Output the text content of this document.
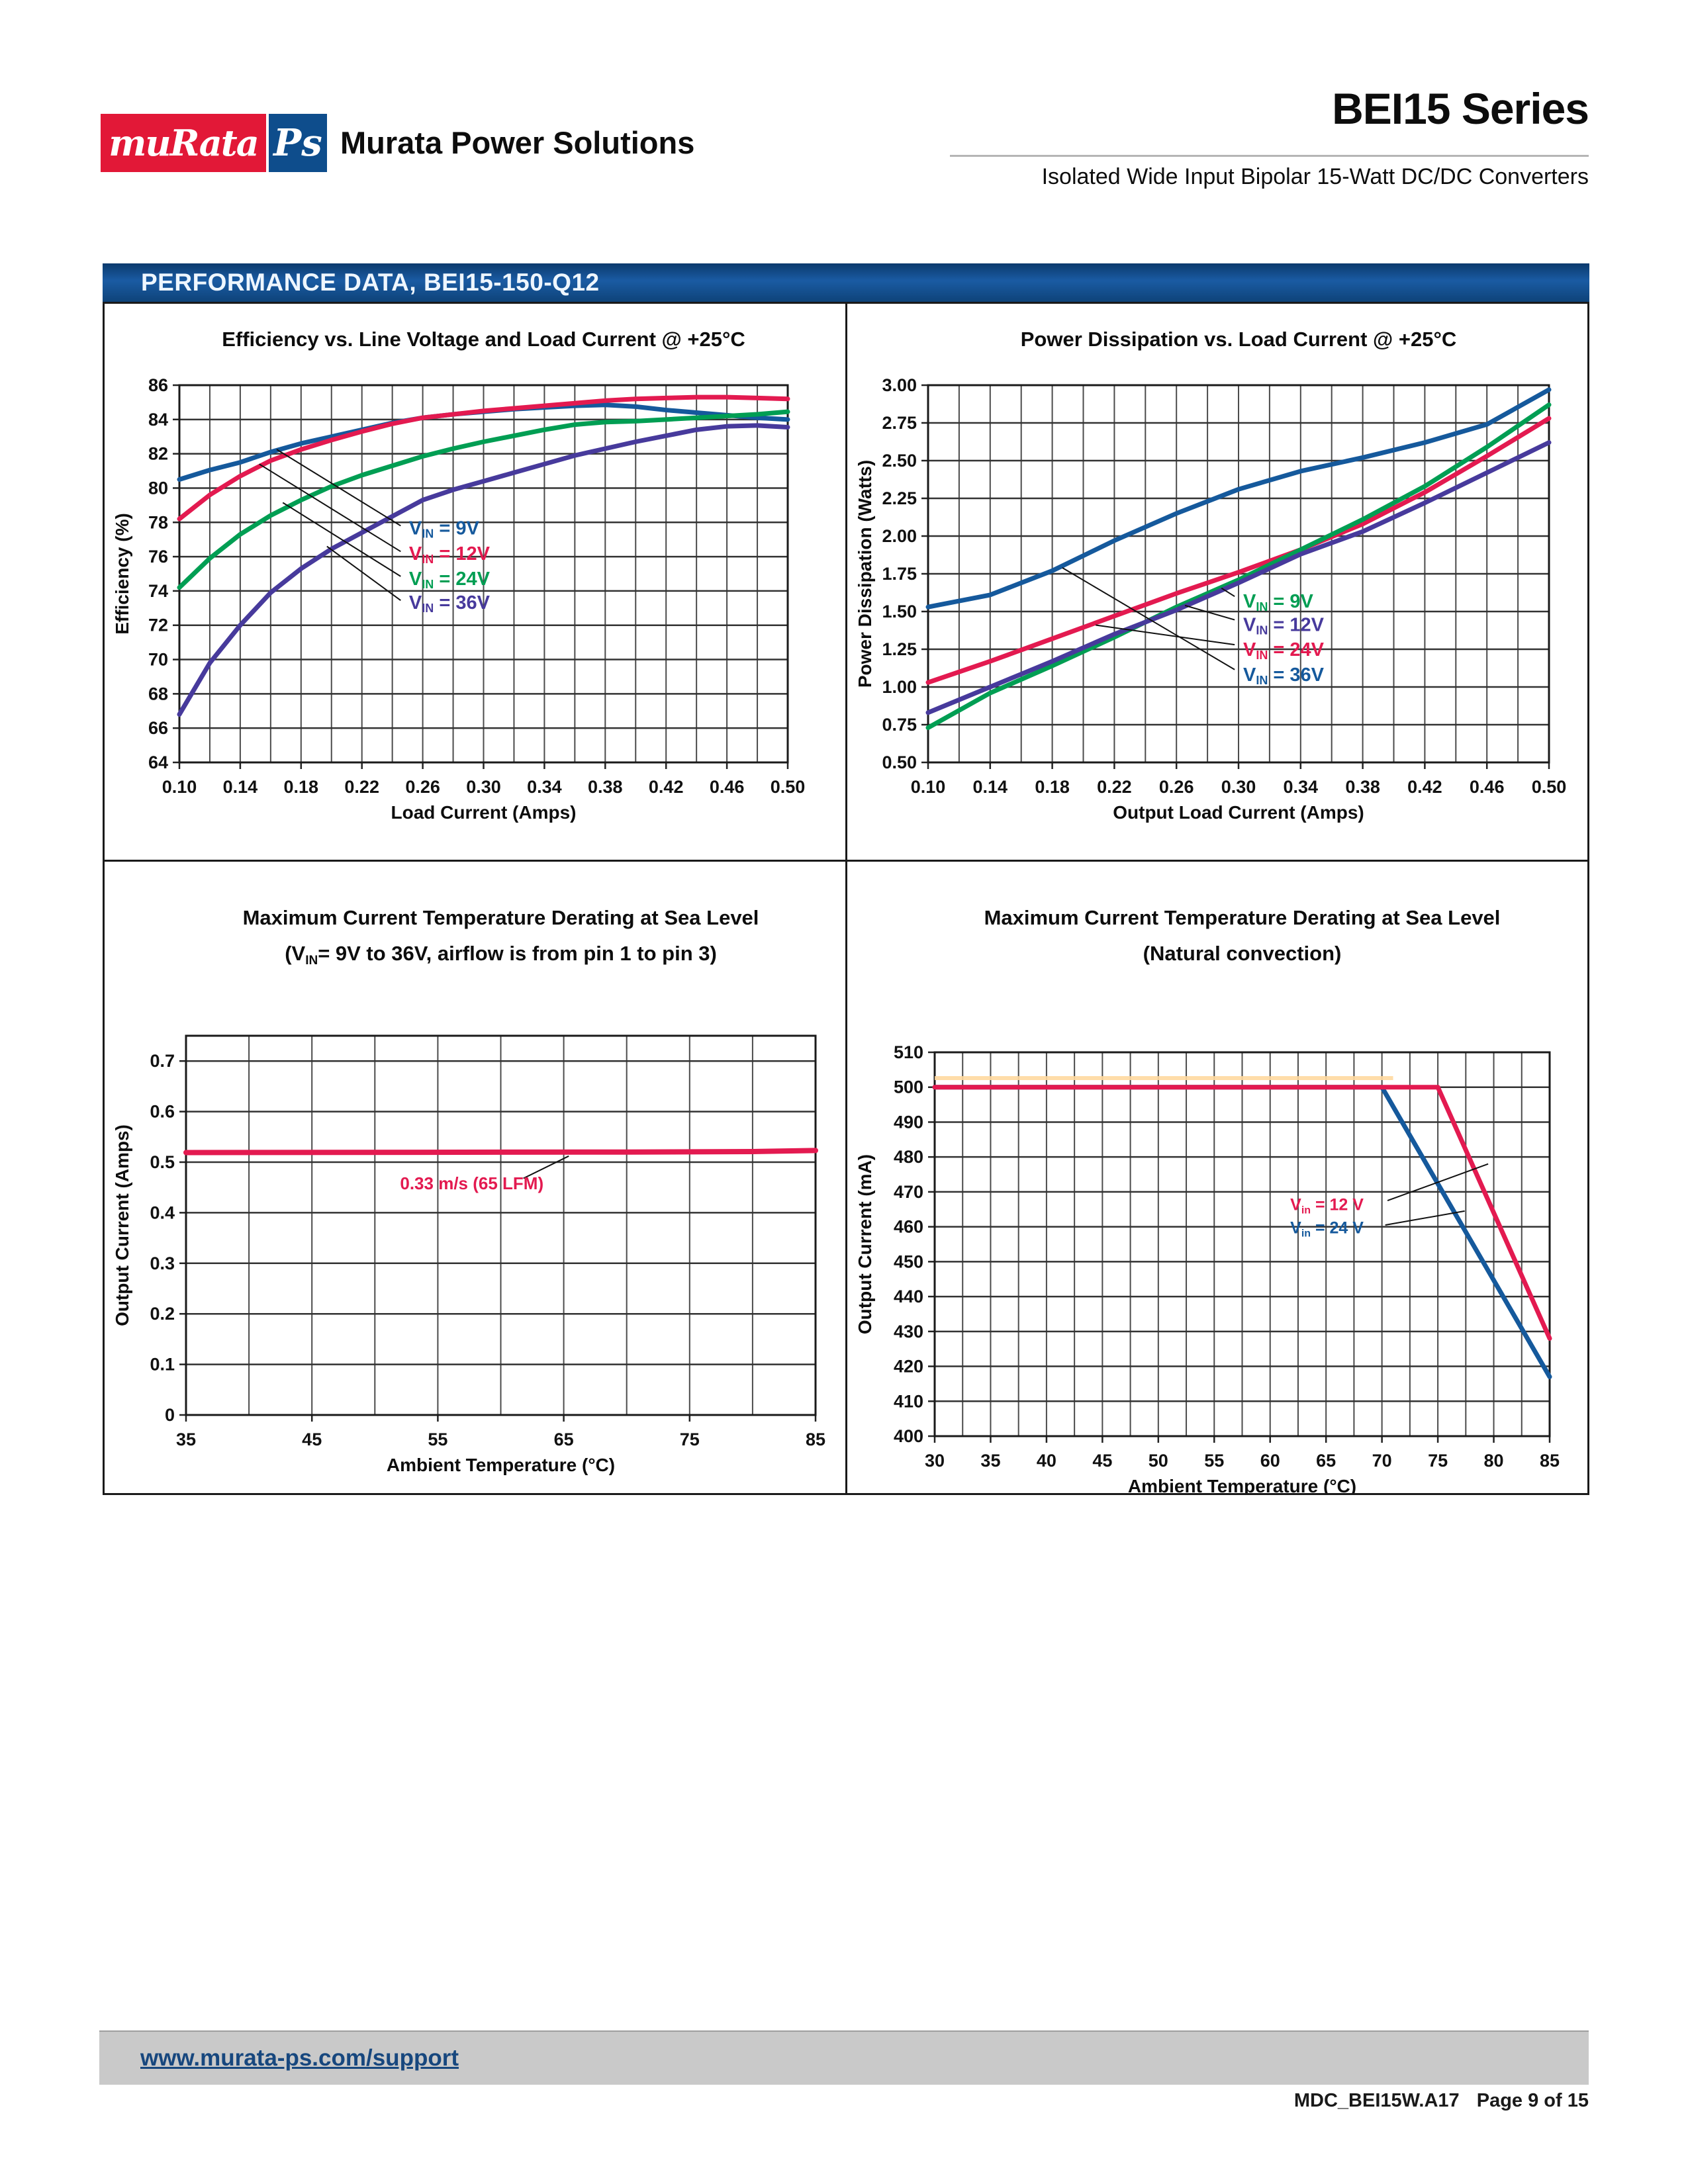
muRata Ps Murata Power Solutions
BEI15 Series
Isolated Wide Input Bipolar 15-Watt DC/DC Converters
PERFORMANCE DATA, BEI15-150-Q12
0.10 0.14 0.18 0.22 0.26 0.30 0.34 0.38 0.42 0.46 0.50
64
66
68
70
72
74
76
78
80
82
84
86
VIN = 9V
VIN = 12V
VIN = 24V
VIN = 36V
Efficiency vs. Line Voltage and Load Current @ +25°C
Load Current (Amps)
Efficiency (%)
0.10 0.14 0.18 0.22 0.26 0.30 0.34 0.38 0.42 0.46 0.50
0.50
0.75
1.00
1.25
1.50
1.75
2.00
2.25
2.50
2.75
3.00
VIN = 9V
VIN = 12V
VIN = 24V
VIN = 36V
Power Dissipation vs. Load Current @ +25°C
Output Load Current (Amps)
Power Dissipation (Watts)
35	45	55	65	75	85
0
0.1
0.2
0.3
0.4
0.5
0.6
0.7
0.33 m/s (65 LFM)
Maximum Current Temperature Derating at Sea Level
(VIN= 9V to 36V, airflow is from pin 1 to pin 3)
Ambient Temperature (°C)
Output Current (Amps)
30 35 40 45 50 55 60 65 70 75 80 85
400
410
420
430
440
450
460
470
480
490
500
510
$V_{in} = 12$ V
$V_{in} = 24$ V
Maximum Current Temperature Derating at Sea Level
(Natural convection)
Ambient Temperature (°C)
Output Current (mA)
www.murata-ps.com/support
MDC_BEI15W.A17 Page 9 of 15
